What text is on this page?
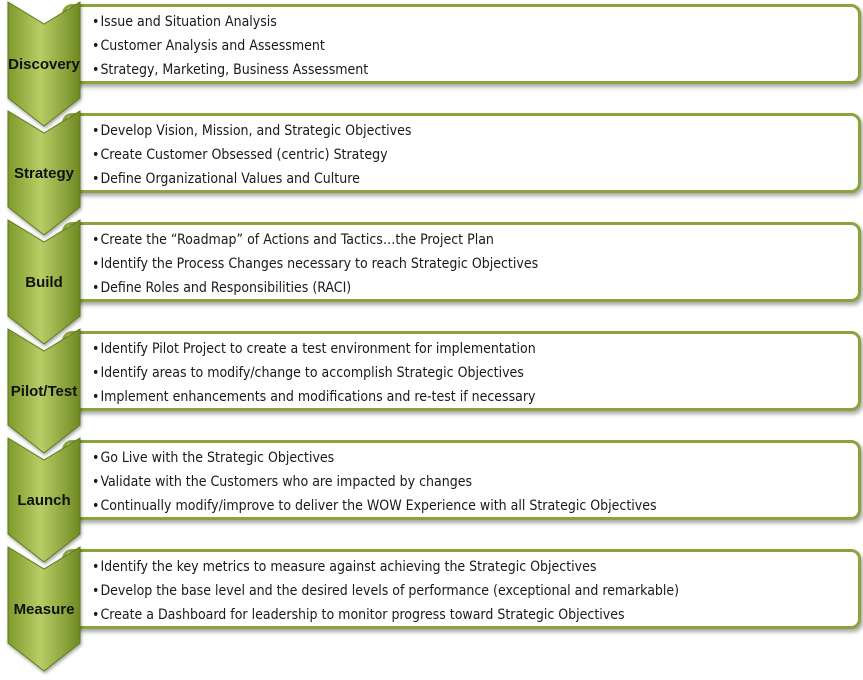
• Issue and Situation Analysis
• Customer Analysis and Assessment
• Strategy, Marketing, Business Assessment
Discovery
• Develop Vision, Mission, and Strategic Objectives
• Create Customer Obsessed (centric) Strategy
• Define Organizational Values and Culture
Strategy
• Create the “Roadmap” of Actions and Tactics…the Project Plan
• Identify the Process Changes necessary to reach Strategic Objectives
• Define Roles and Responsibilities (RACI)
Build
• Identify Pilot Project to create a test environment for implementation
• Identify areas to modify/change to accomplish Strategic Objectives
• Implement enhancements and modifications and re-test if necessary
Pilot/Test
• Go Live with the Strategic Objectives
• Validate with the Customers who are impacted by changes
• Continually modify/improve to deliver the WOW Experience with all Strategic Objectives
Launch
• Identify the key metrics to measure against achieving the Strategic Objectives
• Develop the base level and the desired levels of performance (exceptional and remarkable)
• Create a Dashboard for leadership to monitor progress toward Strategic Objectives
Measure
